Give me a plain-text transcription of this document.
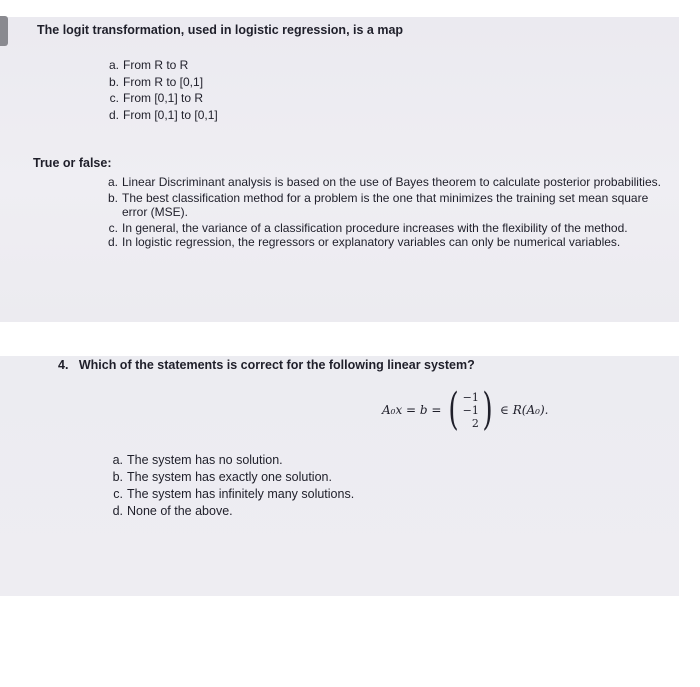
The logit transformation, used in logistic regression, is a map
a. From R to R
b. From R to [0,1]
c. From [0,1] to R
d. From [0,1] to [0,1]
True or false:
a. Linear Discriminant analysis is based on the use of Bayes theorem to calculate posterior probabilities.
b. The best classification method for a problem is the one that minimizes the training set mean square error (MSE).
c. In general, the variance of a classification procedure increases with the flexibility of the method.
d. In logistic regression, the regressors or explanatory variables can only be numerical variables.
4.   Which of the statements is correct for the following linear system?
a. The system has no solution.
b. The system has exactly one solution.
c. The system has infinitely many solutions.
d. None of the above.
A₀x = b = ( −1
−1
2 ) ∈ R(A₀).
